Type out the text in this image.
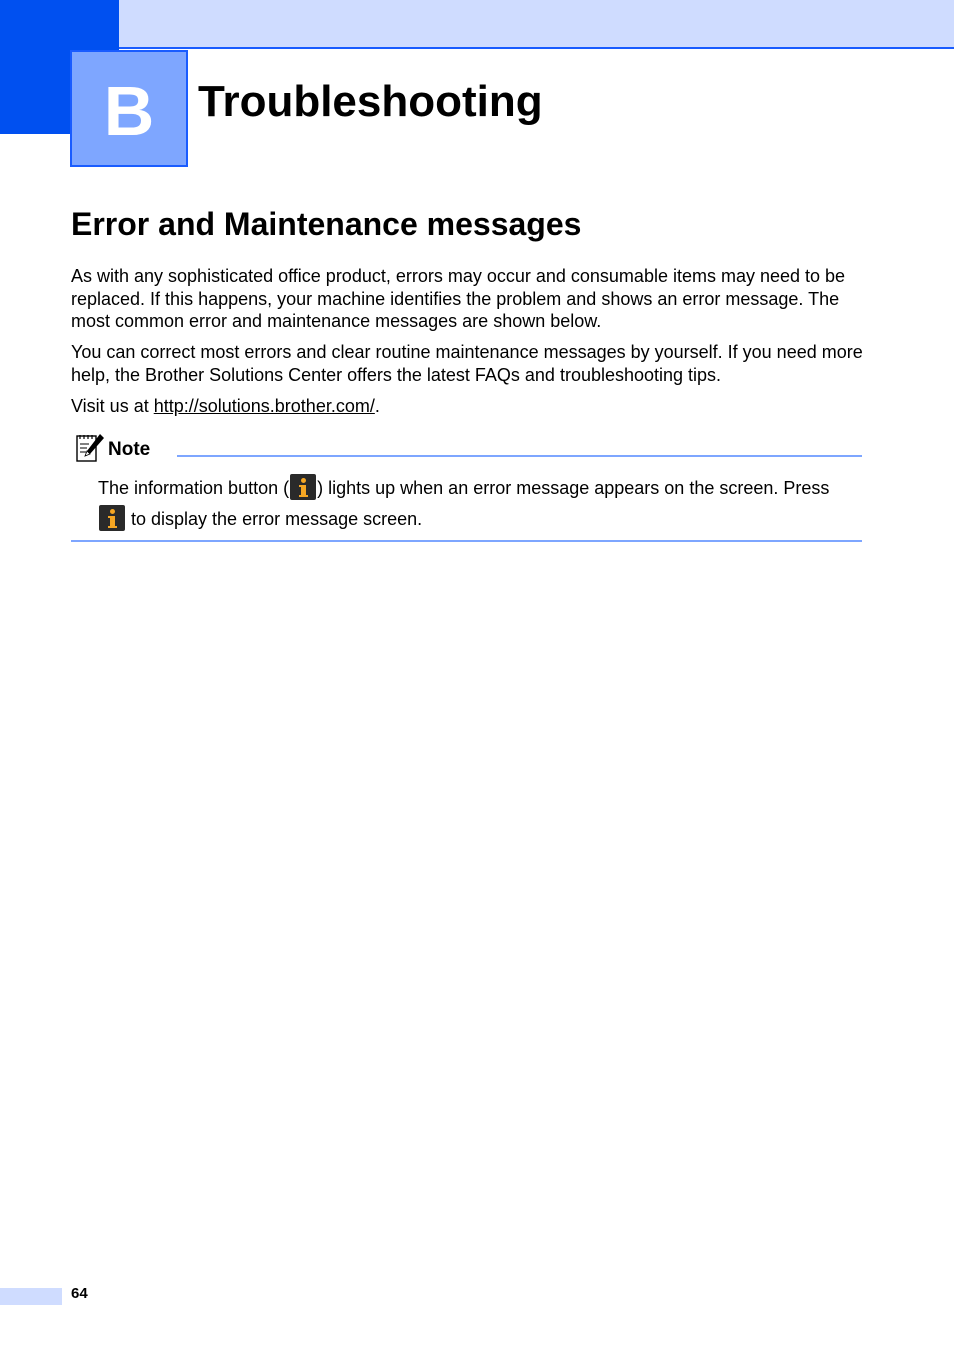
B Troubleshooting
Error and Maintenance messages

As with any sophisticated office product, errors may occur and consumable items may need to be replaced. If this happens, your machine identifies the problem and shows an error message. The most common error and maintenance messages are shown below.

You can correct most errors and clear routine maintenance messages by yourself. If you need more help, the Brother Solutions Center offers the latest FAQs and troubleshooting tips.

Visit us at http://solutions.brother.com/.

Note

The information button ( ) lights up when an error message appears on the screen. Press

to display the error message screen.

64
